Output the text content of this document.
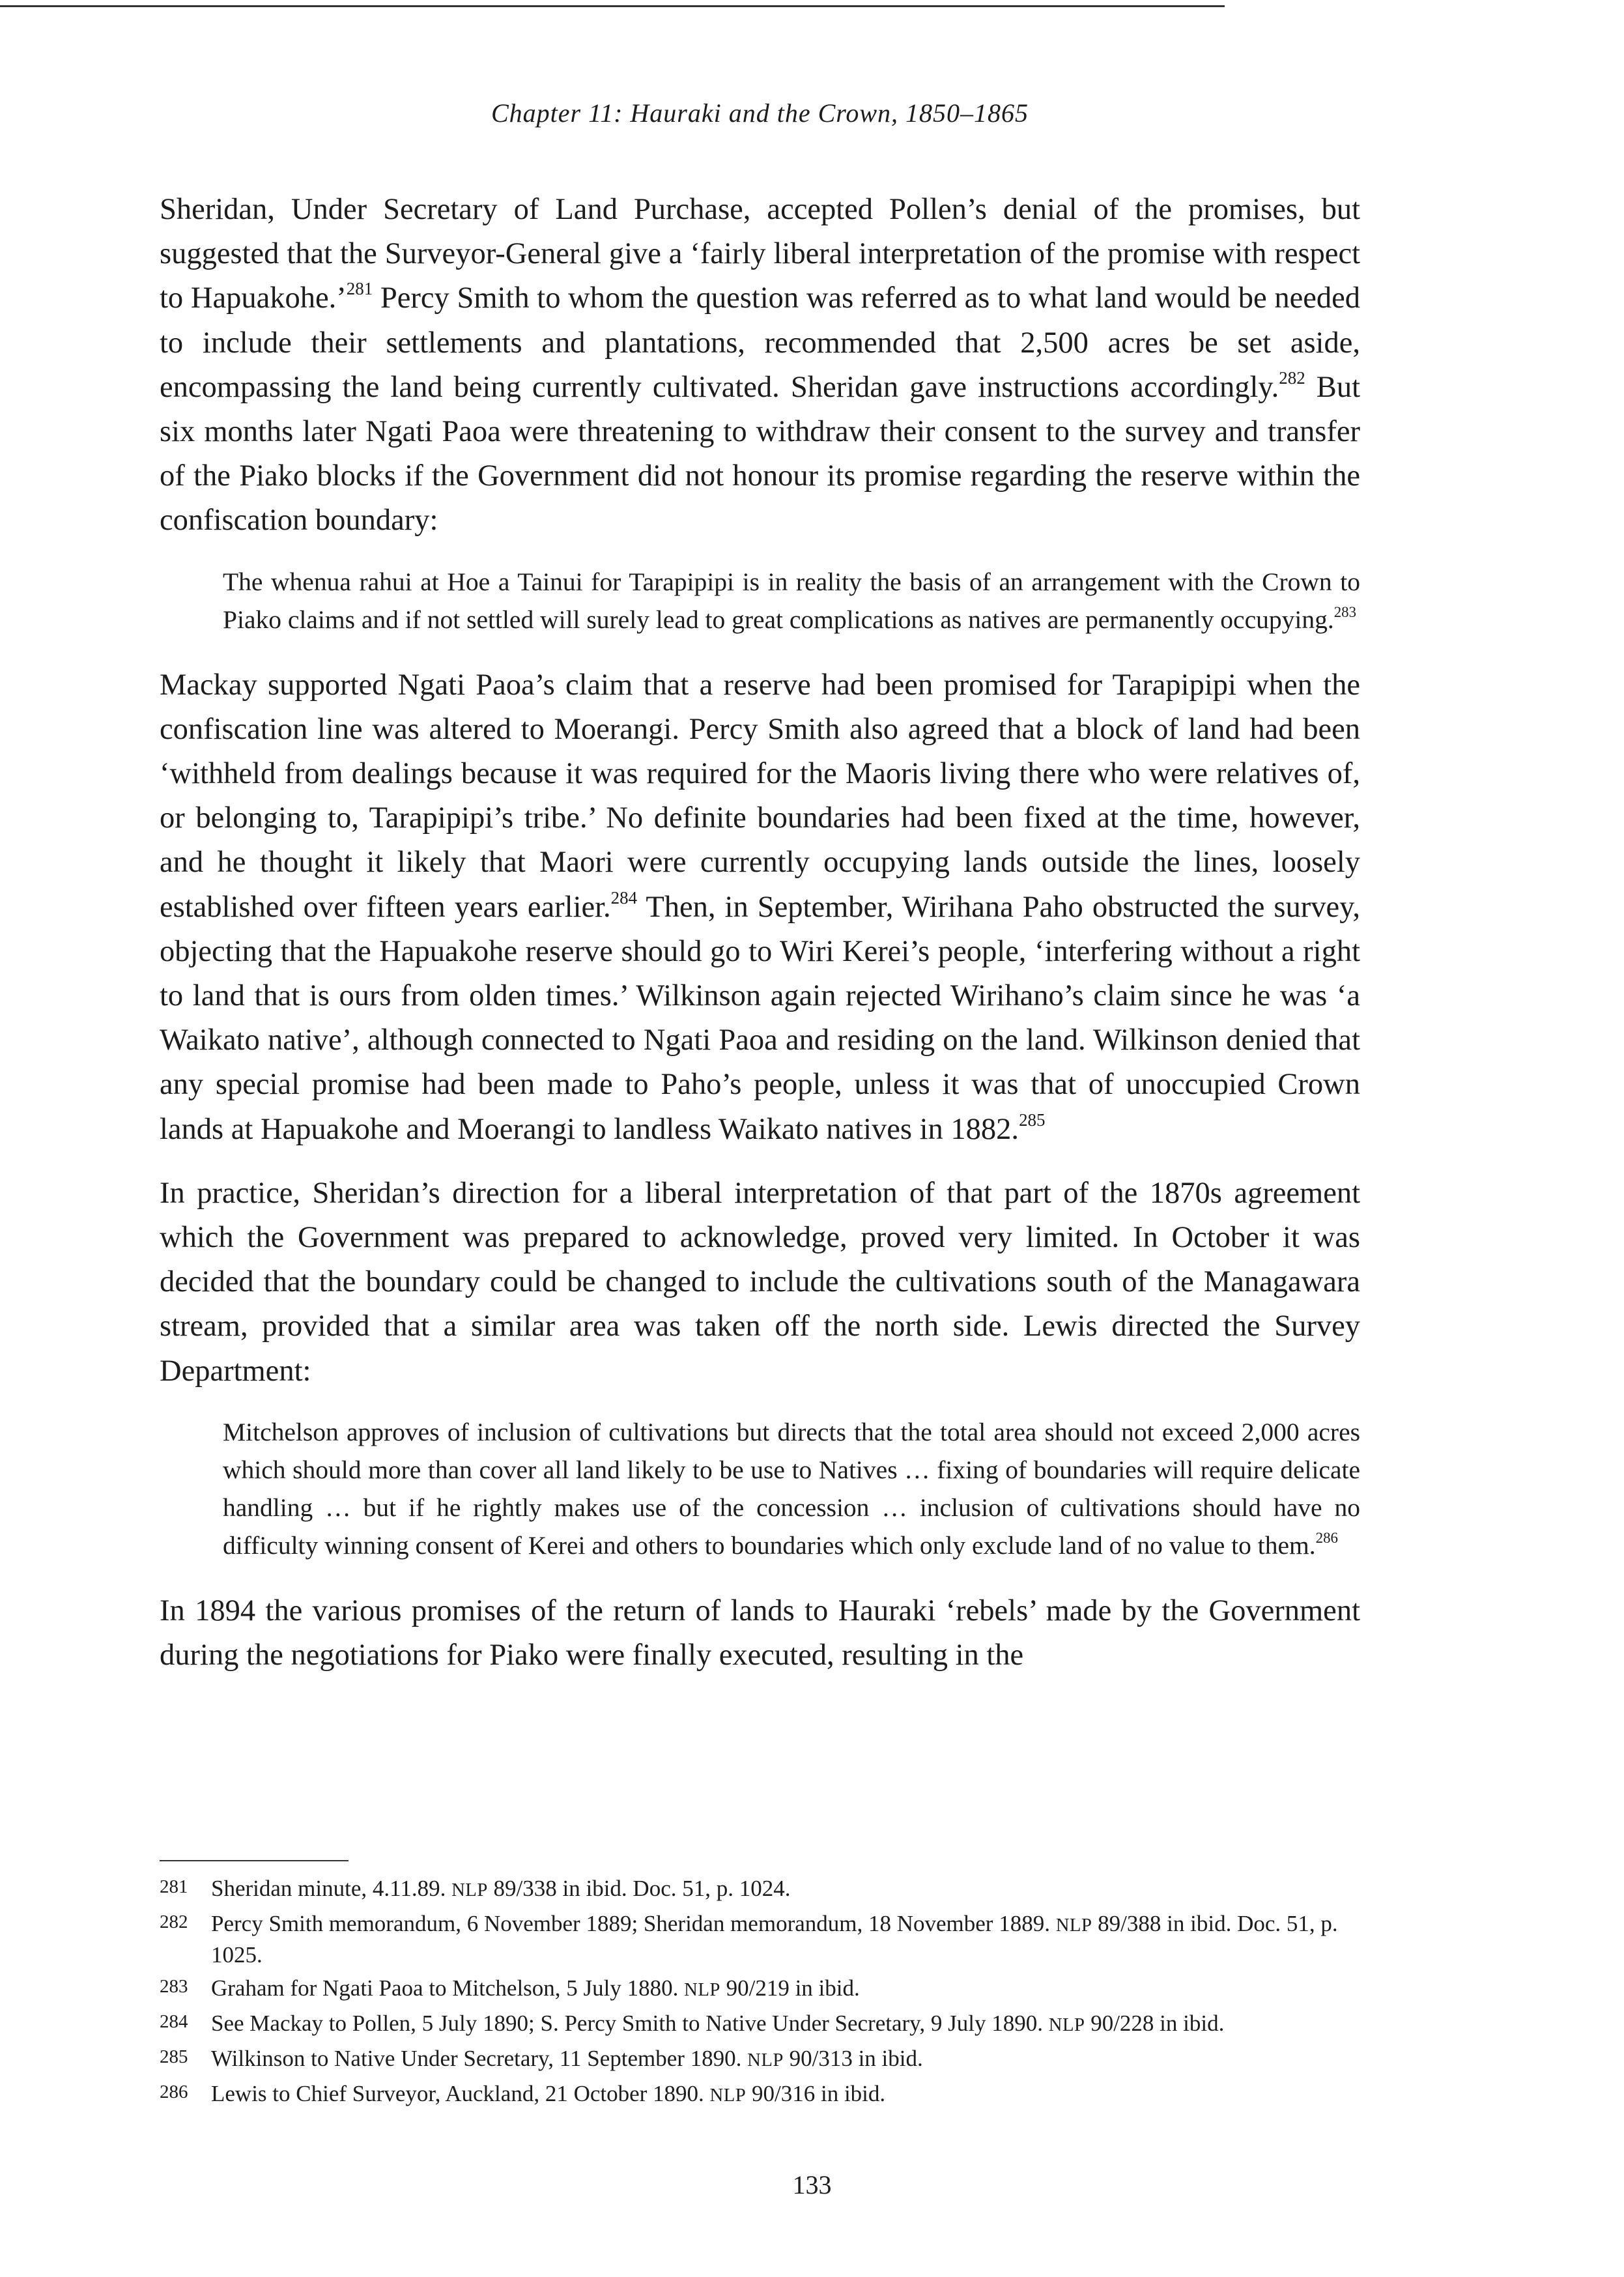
Chapter 11: Hauraki and the Crown, 1850–1865

Sheridan, Under Secretary of Land Purchase, accepted Pollen’s denial of the promises, but suggested that the Surveyor-General give a ‘fairly liberal interpretation of the promise with respect to Hapuakohe.’$^{281}$ Percy Smith to whom the question was referred as to what land would be needed to include their settlements and plantations, recommended that 2,500 acres be set aside, encompassing the land being currently cultivated. Sheridan gave instructions accordingly.$^{282}$ But six months later Ngati Paoa were threatening to withdraw their consent to the survey and transfer of the Piako blocks if the Government did not honour its promise regarding the reserve within the confiscation boundary:

The whenua rahui at Hoe a Tainui for Tarapipipi is in reality the basis of an arrangement with the Crown to Piako claims and if not settled will surely lead to great complications as natives are permanently occupying.$^{283}$

Mackay supported Ngati Paoa’s claim that a reserve had been promised for Tarapipipi when the confiscation line was altered to Moerangi. Percy Smith also agreed that a block of land had been ‘withheld from dealings because it was required for the Maoris living there who were relatives of, or belonging to, Tarapipipi’s tribe.’ No definite boundaries had been fixed at the time, however, and he thought it likely that Maori were currently occupying lands outside the lines, loosely established over fifteen years earlier.$^{284}$ Then, in September, Wirihana Paho obstructed the survey, objecting that the Hapuakohe reserve should go to Wiri Kerei’s people, ‘interfering without a right to land that is ours from olden times.’ Wilkinson again rejected Wirihano’s claim since he was ‘a Waikato native’, although connected to Ngati Paoa and residing on the land. Wilkinson denied that any special promise had been made to Paho’s people, unless it was that of unoccupied Crown lands at Hapuakohe and Moerangi to landless Waikato natives in 1882.$^{285}$

In practice, Sheridan’s direction for a liberal interpretation of that part of the 1870s agreement which the Government was prepared to acknowledge, proved very limited. In October it was decided that the boundary could be changed to include the cultivations south of the Managawara stream, provided that a similar area was taken off the north side. Lewis directed the Survey Department:

Mitchelson approves of inclusion of cultivations but directs that the total area should not exceed 2,000 acres which should more than cover all land likely to be use to Natives … fixing of boundaries will require delicate handling … but if he rightly makes use of the concession … inclusion of cultivations should have no difficulty winning consent of Kerei and others to boundaries which only exclude land of no value to them.$^{286}$

In 1894 the various promises of the return of lands to Hauraki ‘rebels’ made by the Government during the negotiations for Piako were finally executed, resulting in the

281	Sheridan minute, 4.11.89. NLP 89/338 in ibid. Doc. 51, p. 1024.
282	Percy Smith memorandum, 6 November 1889; Sheridan memorandum, 18 November 1889. NLP 89/388 in ibid. Doc. 51, p. 1025.
283	Graham for Ngati Paoa to Mitchelson, 5 July 1880. NLP 90/219 in ibid.
284	See Mackay to Pollen, 5 July 1890; S. Percy Smith to Native Under Secretary, 9 July 1890. NLP 90/228 in ibid.
285	Wilkinson to Native Under Secretary, 11 September 1890. NLP 90/313 in ibid.
286	Lewis to Chief Surveyor, Auckland, 21 October 1890. NLP 90/316 in ibid.
133
